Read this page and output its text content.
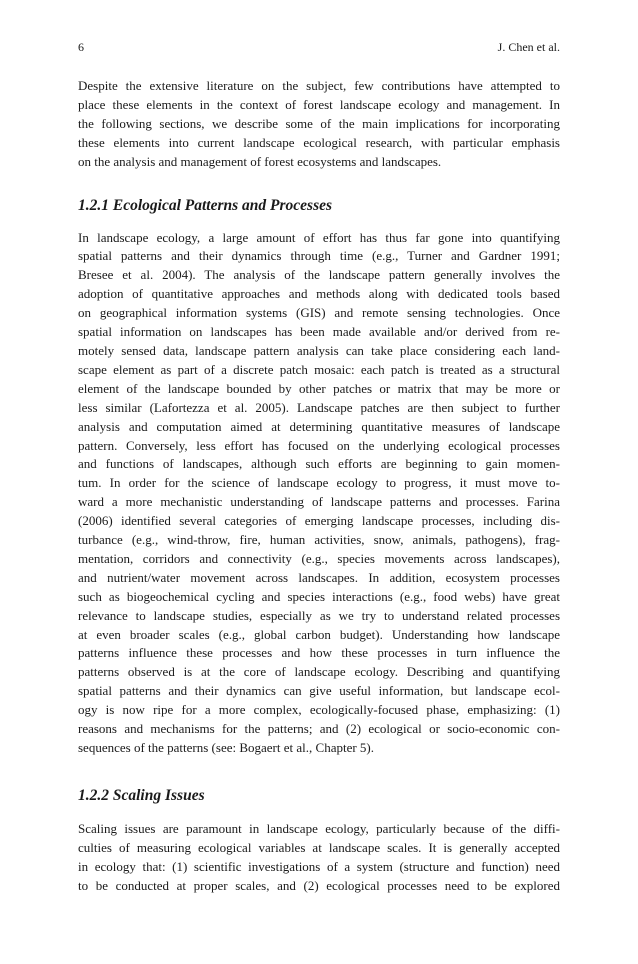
6	J. Chen et al.

Despite the extensive literature on the subject, few contributions have attempted to
place these elements in the context of forest landscape ecology and management. In
the following sections, we describe some of the main implications for incorporating
these elements into current landscape ecological research, with particular emphasis
on the analysis and management of forest ecosystems and landscapes.

1.2.1 Ecological Patterns and Processes

In landscape ecology, a large amount of effort has thus far gone into quantifying
spatial patterns and their dynamics through time (e.g., Turner and Gardner 1991;
Bresee et al. 2004). The analysis of the landscape pattern generally involves the
adoption of quantitative approaches and methods along with dedicated tools based
on geographical information systems (GIS) and remote sensing technologies. Once
spatial information on landscapes has been made available and/or derived from re-
motely sensed data, landscape pattern analysis can take place considering each land-
scape element as part of a discrete patch mosaic: each patch is treated as a structural
element of the landscape bounded by other patches or matrix that may be more or
less similar (Lafortezza et al. 2005). Landscape patches are then subject to further
analysis and computation aimed at determining quantitative measures of landscape
pattern. Conversely, less effort has focused on the underlying ecological processes
and functions of landscapes, although such efforts are beginning to gain momen-
tum. In order for the science of landscape ecology to progress, it must move to-
ward a more mechanistic understanding of landscape patterns and processes. Farina
(2006) identified several categories of emerging landscape processes, including dis-
turbance (e.g., wind-throw, fire, human activities, snow, animals, pathogens), frag-
mentation, corridors and connectivity (e.g., species movements across landscapes),
and nutrient/water movement across landscapes. In addition, ecosystem processes
such as biogeochemical cycling and species interactions (e.g., food webs) have great
relevance to landscape studies, especially as we try to understand related processes
at even broader scales (e.g., global carbon budget). Understanding how landscape
patterns influence these processes and how these processes in turn influence the
patterns observed is at the core of landscape ecology. Describing and quantifying
spatial patterns and their dynamics can give useful information, but landscape ecol-
ogy is now ripe for a more complex, ecologically-focused phase, emphasizing: (1)
reasons and mechanisms for the patterns; and (2) ecological or socio-economic con-
sequences of the patterns (see: Bogaert et al., Chapter 5).

1.2.2 Scaling Issues

Scaling issues are paramount in landscape ecology, particularly because of the diffi-
culties of measuring ecological variables at landscape scales. It is generally accepted
in ecology that: (1) scientific investigations of a system (structure and function) need
to be conducted at proper scales, and (2) ecological processes need to be explored
